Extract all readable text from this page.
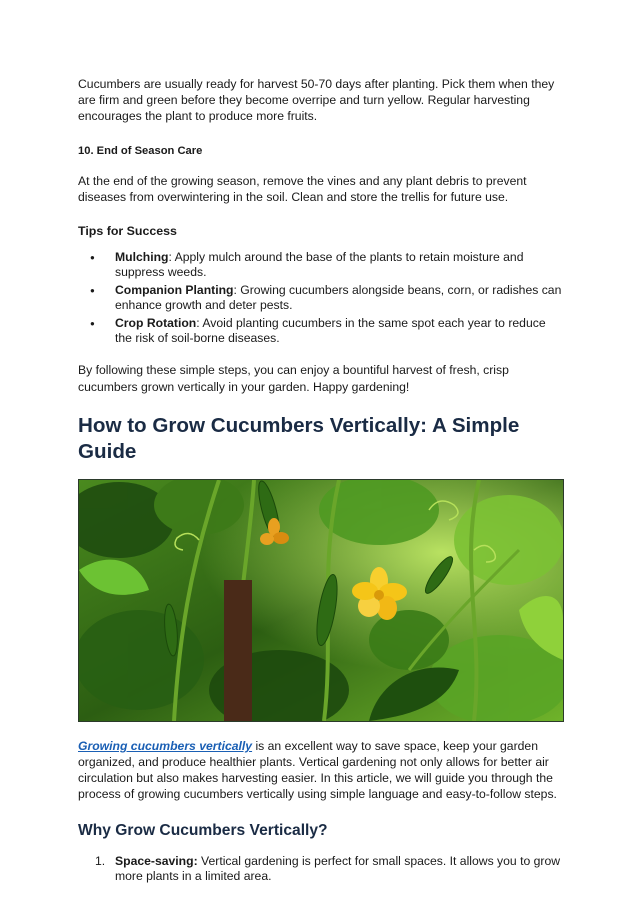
Cucumbers are usually ready for harvest 50-70 days after planting. Pick them when they are firm and green before they become overripe and turn yellow. Regular harvesting encourages the plant to produce more fruits.

10. End of Season Care

At the end of the growing season, remove the vines and any plant debris to prevent diseases from overwintering in the soil. Clean and store the trellis for future use.

Tips for Success
● Mulching: Apply mulch around the base of the plants to retain moisture and suppress weeds.
● Companion Planting: Growing cucumbers alongside beans, corn, or radishes can enhance growth and deter pests.
● Crop Rotation: Avoid planting cucumbers in the same spot each year to reduce the risk of soil-borne diseases.

By following these simple steps, you can enjoy a bountiful harvest of fresh, crisp cucumbers grown vertically in your garden. Happy gardening!

How to Grow Cucumbers Vertically: A Simple Guide

Growing cucumbers vertically is an excellent way to save space, keep your garden organized, and produce healthier plants. Vertical gardening not only allows for better air circulation but also makes harvesting easier. In this article, we will guide you through the process of growing cucumbers vertically using simple language and easy-to-follow steps.

Why Grow Cucumbers Vertically?
1. Space-saving: Vertical gardening is perfect for small spaces. It allows you to grow more plants in a limited area.
